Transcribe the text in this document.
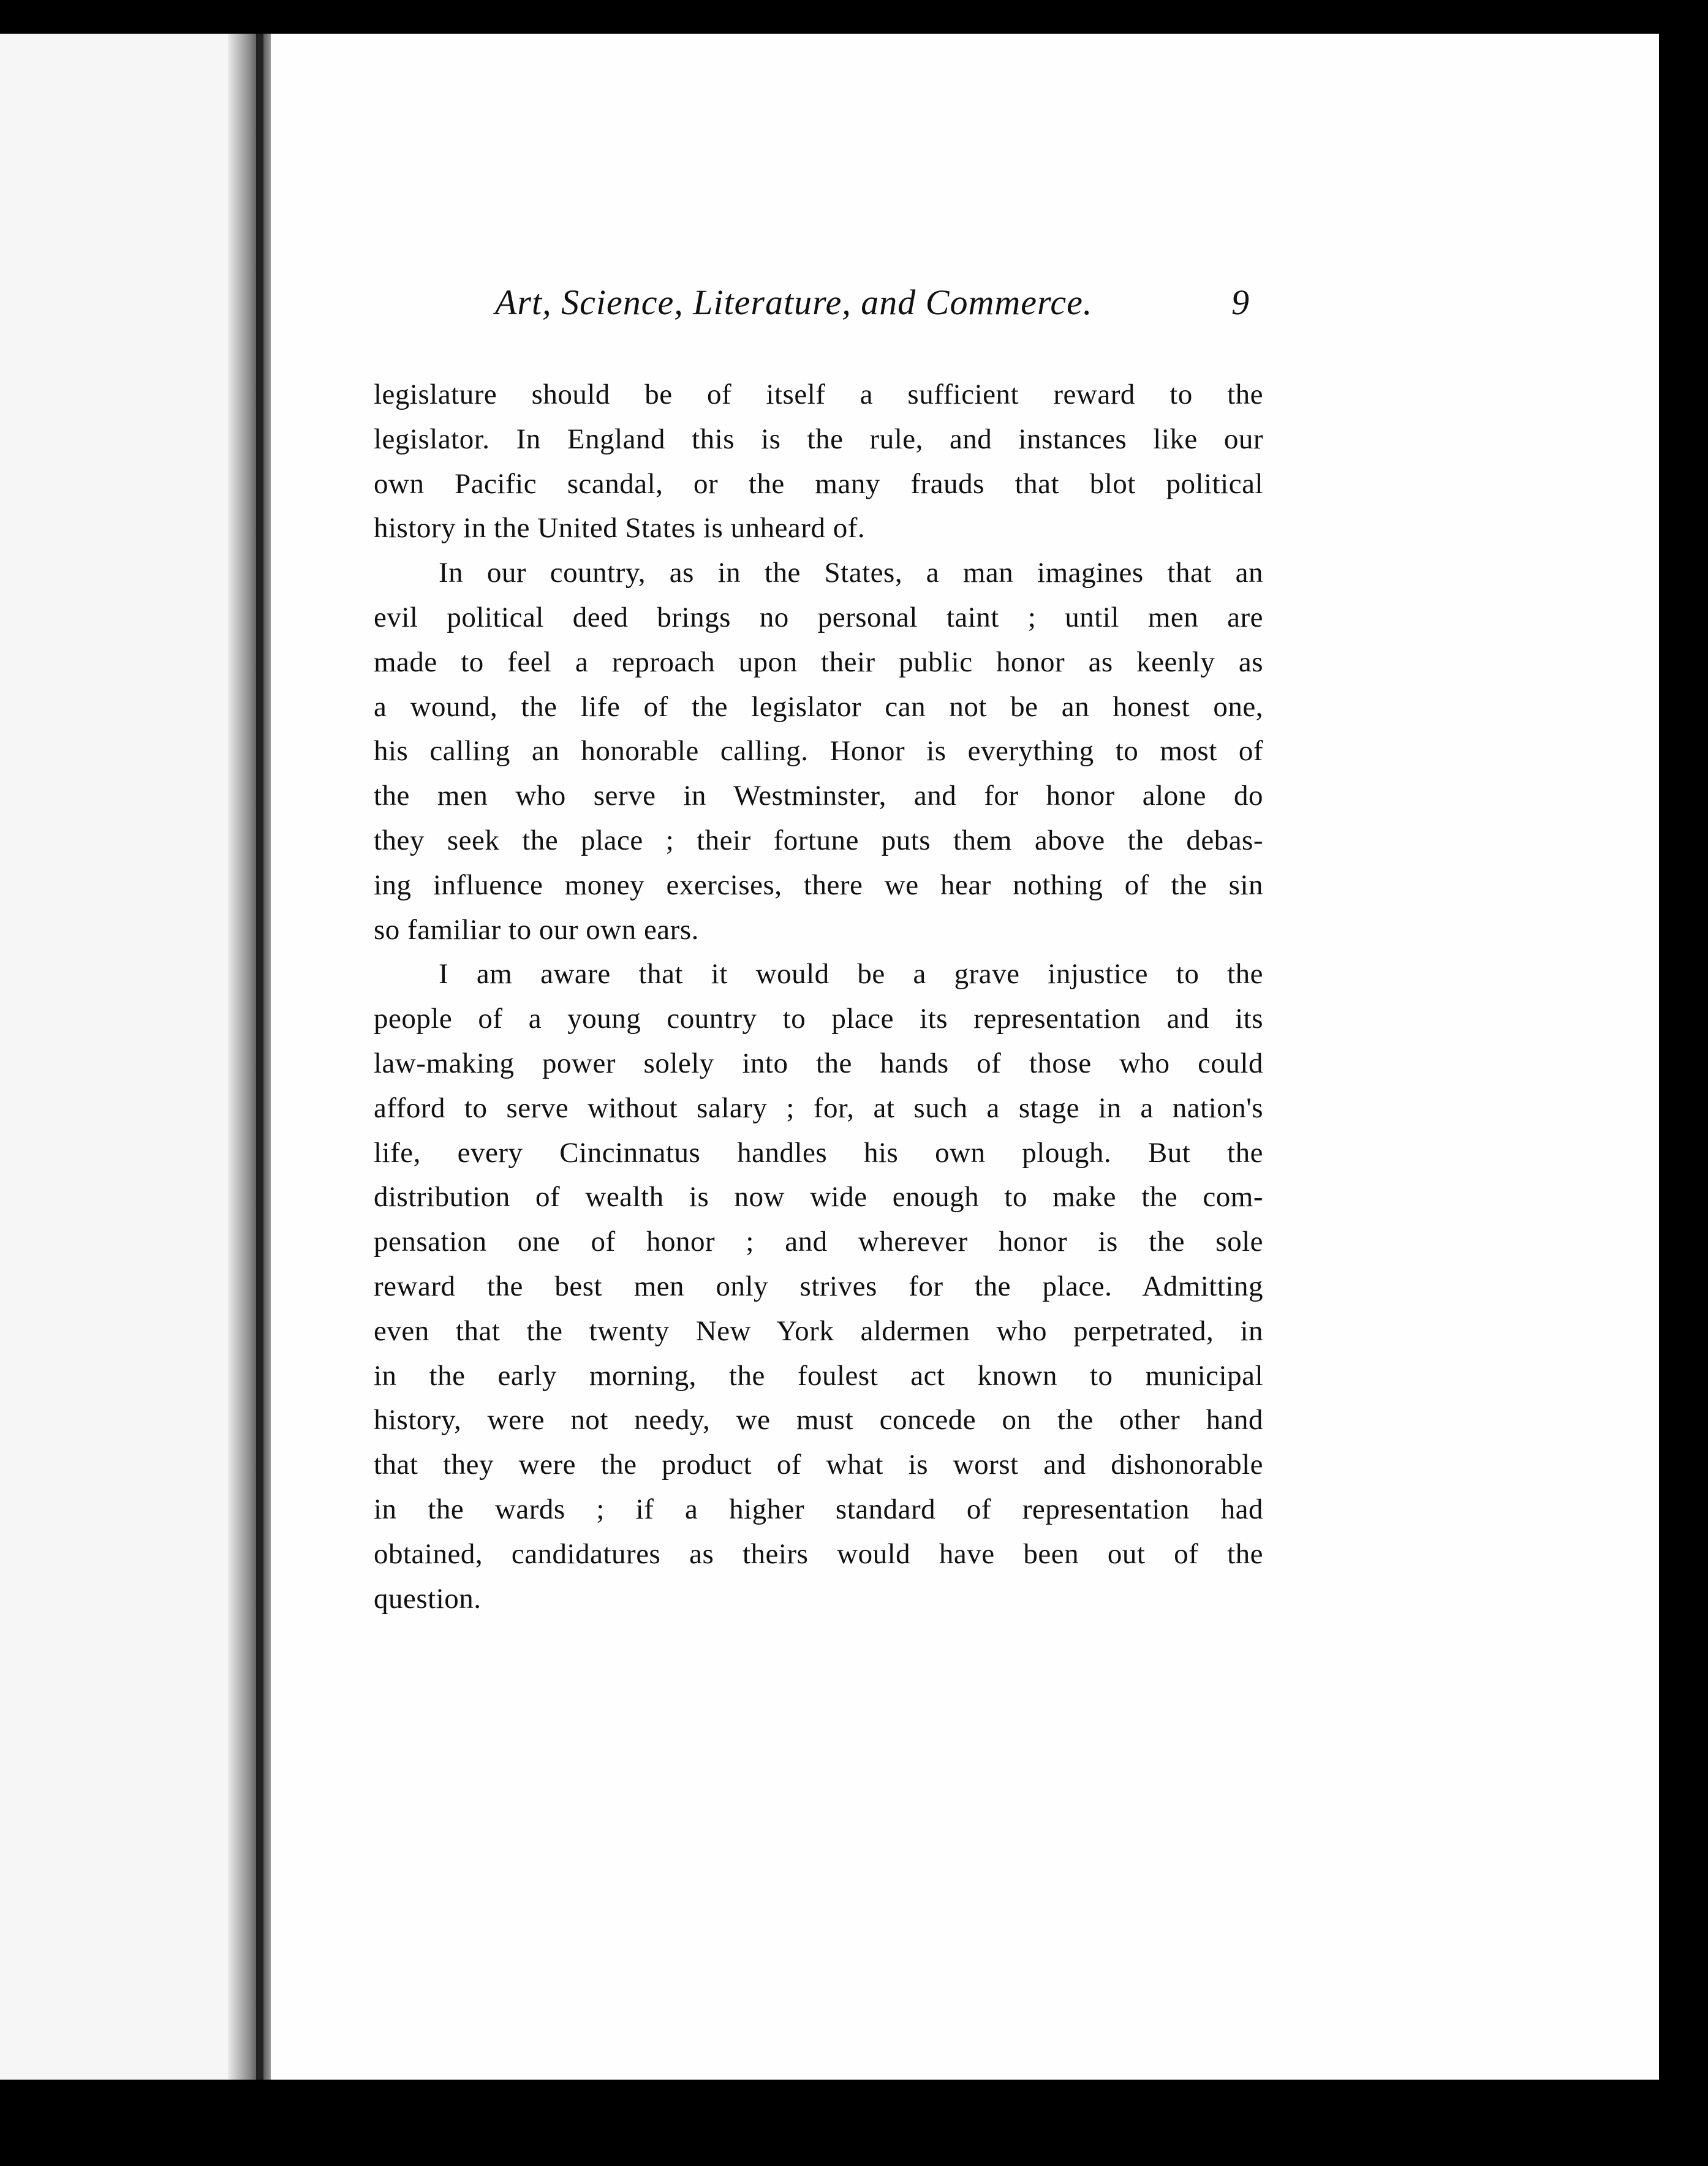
Art, Science, Literature, and Commerce.	9
legislature should be of itself a sufficient reward to the
legislator. In England this is the rule, and instances like our
own Pacific scandal, or the many frauds that blot political
history in the United States is unheard of.
In our country, as in the States, a man imagines that an
evil political deed brings no personal taint ; until men are
made to feel a reproach upon their public honor as keenly as
a wound, the life of the legislator can not be an honest one,
his calling an honorable calling. Honor is everything to most of
the men who serve in Westminster, and for honor alone do
they seek the place ; their fortune puts them above the debas-
ing influence money exercises, there we hear nothing of the sin
so familiar to our own ears.
I am aware that it would be a grave injustice to the
people of a young country to place its representation and its
law-making power solely into the hands of those who could
afford to serve without salary ; for, at such a stage in a nation's
life, every Cincinnatus handles his own plough. But the
distribution of wealth is now wide enough to make the com-
pensation one of honor ; and wherever honor is the sole
reward the best men only strives for the place. Admitting
even that the twenty New York aldermen who perpetrated, in
in the early morning, the foulest act known to municipal
history, were not needy, we must concede on the other hand
that they were the product of what is worst and dishonorable
in the wards ; if a higher standard of representation had
obtained, candidatures as theirs would have been out of the
question.
